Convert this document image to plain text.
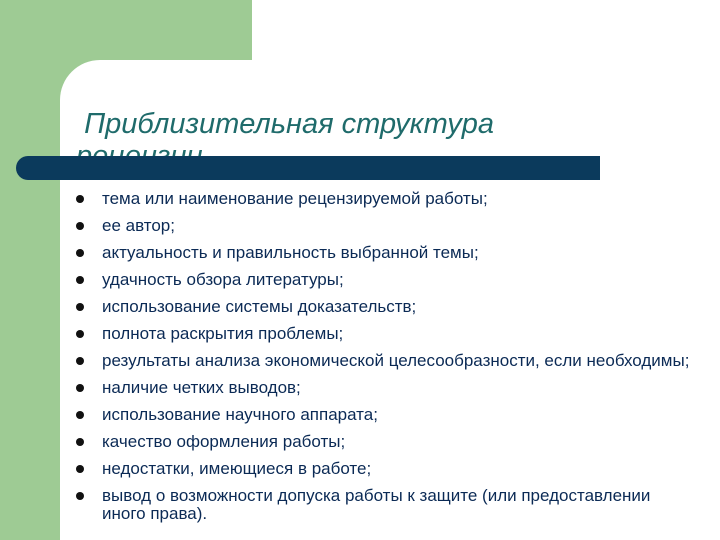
Приблизительная структура
тема или наименование рецензируемой работы;
ее автор;
актуальность и правильность выбранной темы;
удачность обзора литературы;
использование системы доказательств;
полнота раскрытия проблемы;
результаты анализа экономической целесообразности, если необходимы;
наличие четких выводов;
использование научного аппарата;
качество оформления работы;
недостатки, имеющиеся в работе;
вывод о возможности допуска работы к защите (или предоставлении иного права).
